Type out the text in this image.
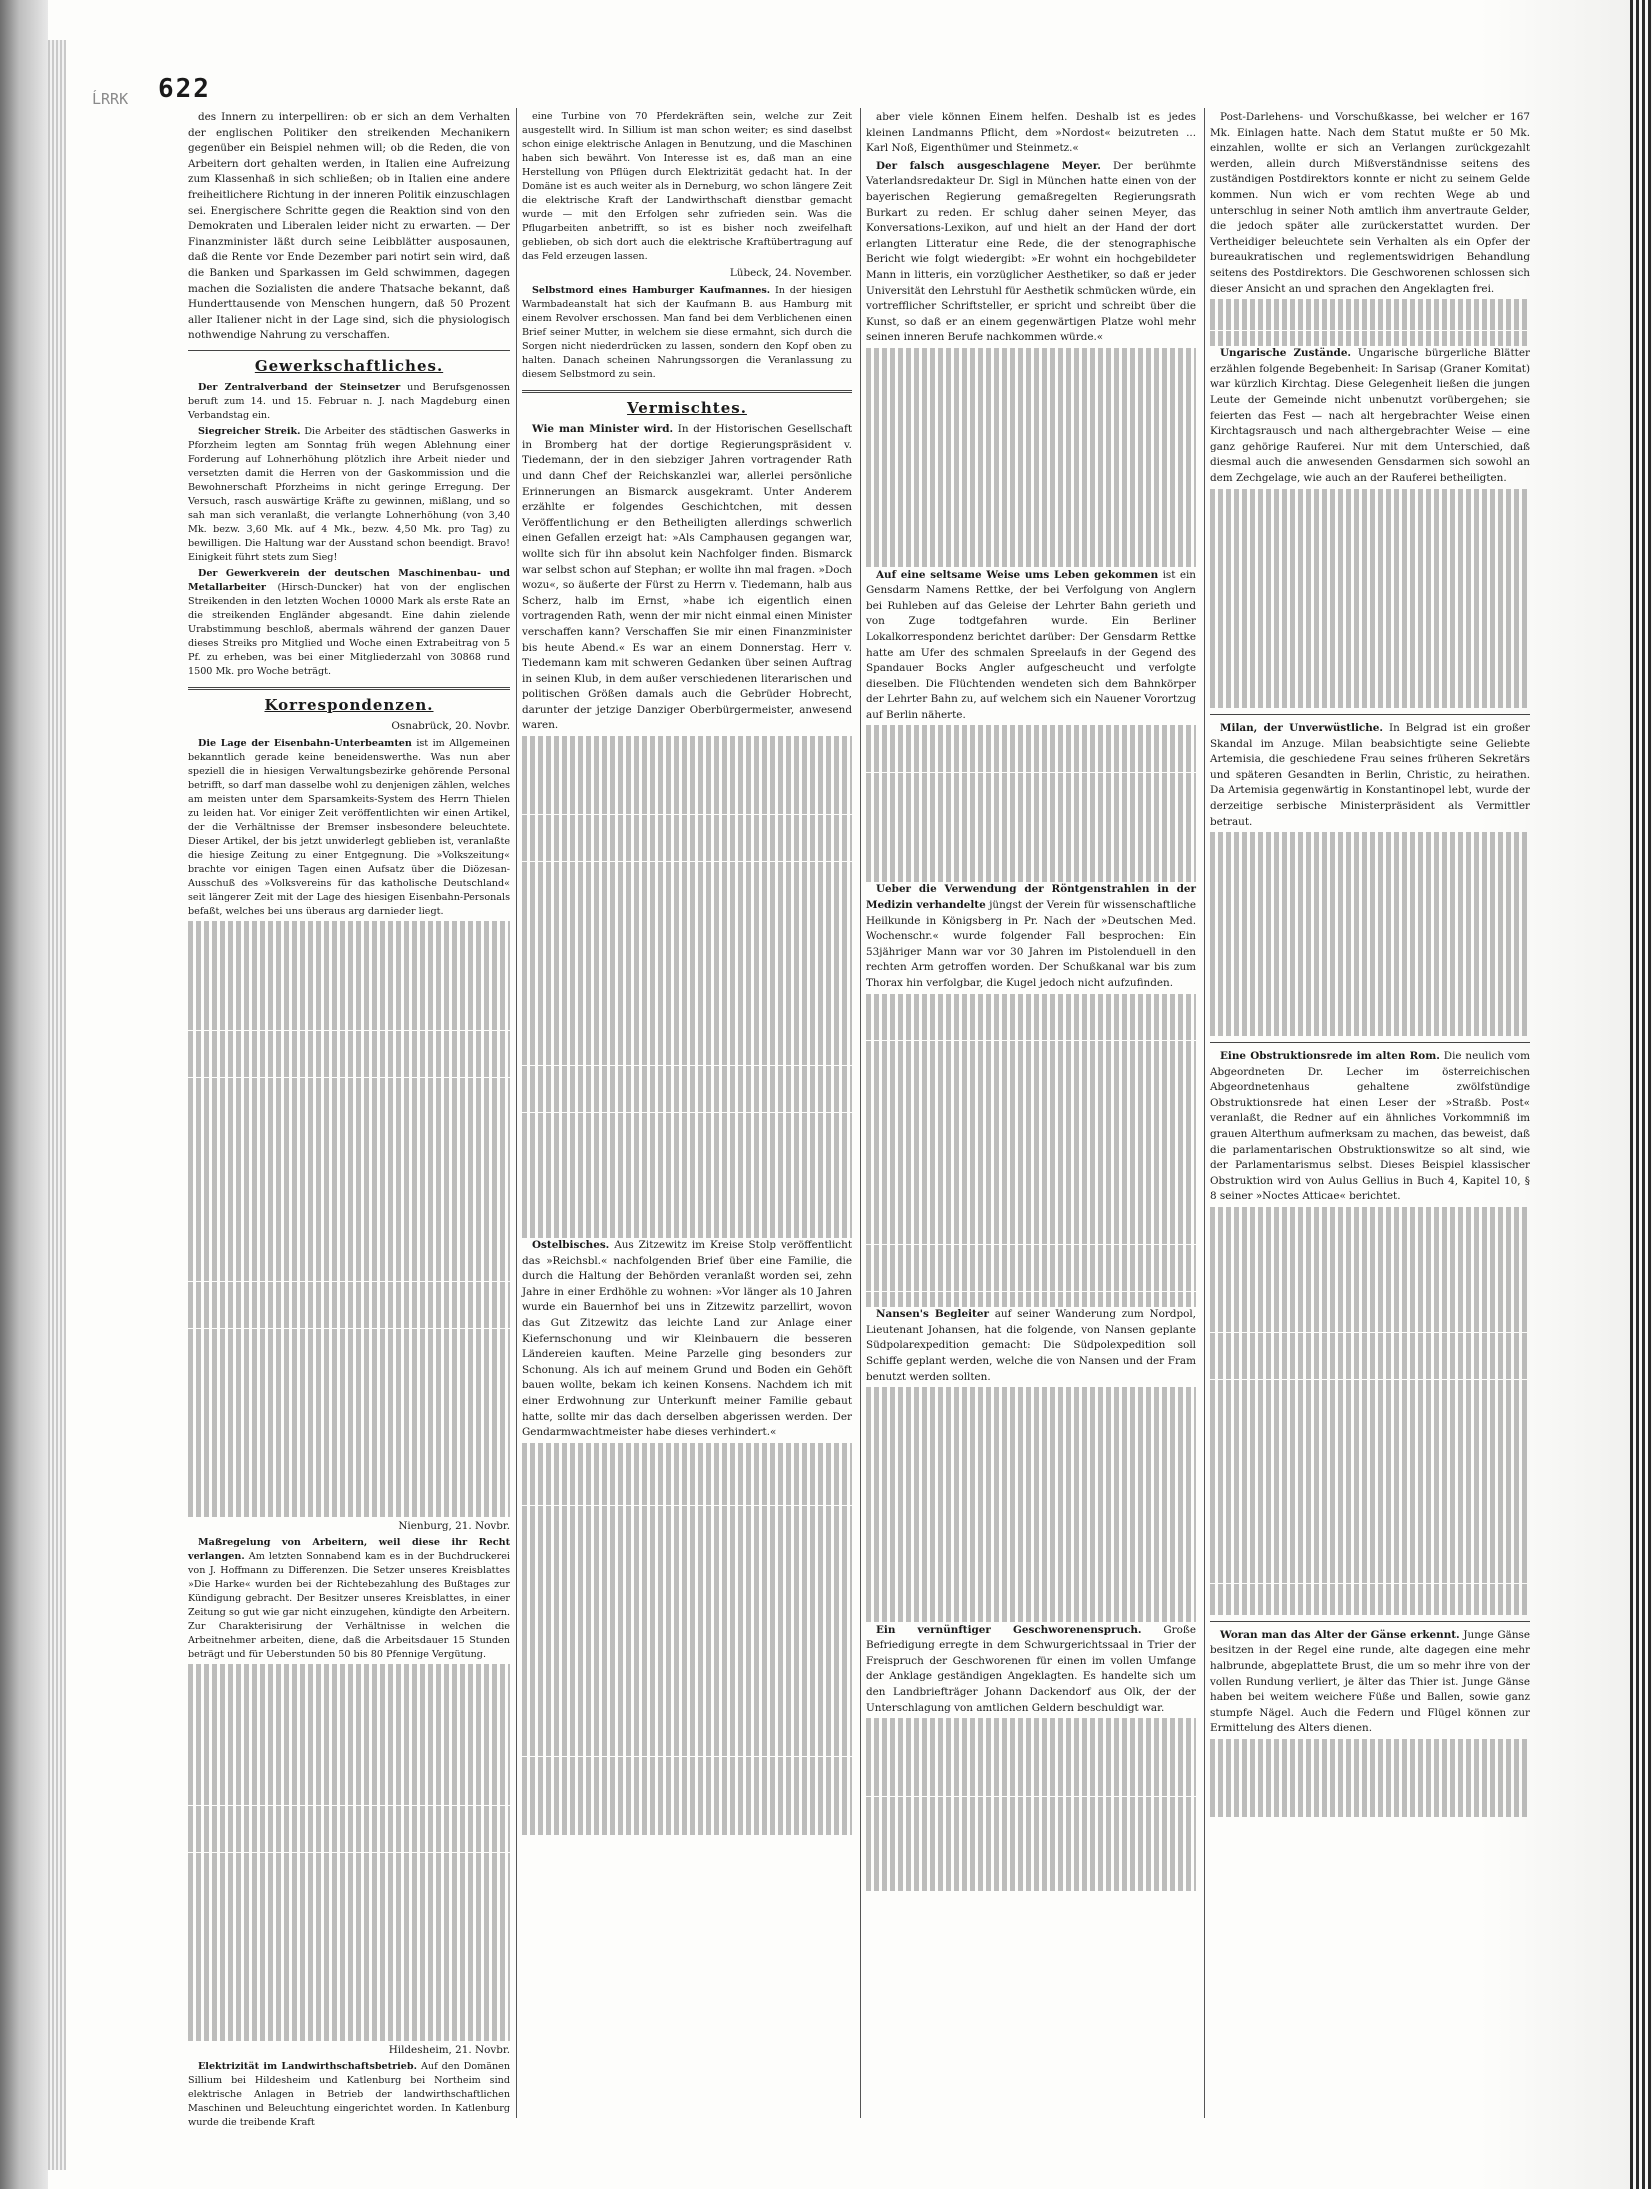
622
ĹRRK

des Innern zu interpelliren: ob er sich an dem Verhalten der englischen Politiker den streikenden Mechanikern gegenüber ein Beispiel nehmen will; ob die Reden, die von Arbeitern dort gehalten werden, in Italien eine Aufreizung zum Klassenhaß in sich schließen; ob in Italien eine andere freiheitlichere Richtung in der inneren Politik einzuschlagen sei. Energischere Schritte gegen die Reaktion sind von den Demokraten und Liberalen leider nicht zu erwarten. — Der Finanzminister läßt durch seine Leibblätter ausposaunen, daß die Rente vor Ende Dezember pari notirt sein wird, daß die Banken und Sparkassen im Geld schwimmen, dagegen machen die Sozialisten die andere Thatsache bekannt, daß Hunderttausende von Menschen hungern, daß 50 Prozent aller Italiener nicht in der Lage sind, sich die physiologisch nothwendige Nahrung zu verschaffen.

Gewerkschaftliches.

Der Zentralverband der Steinsetzer und Berufsgenossen beruft zum 14. und 15. Februar n. J. nach Magdeburg einen Verbandstag ein.

Siegreicher Streik. Die Arbeiter des städtischen Gaswerks in Pforzheim legten am Sonntag früh wegen Ablehnung einer Forderung auf Lohnerhöhung plötzlich ihre Arbeit nieder und versetzten damit die Herren von der Gaskommission und die Bewohnerschaft Pforzheims in nicht geringe Erregung. Der Versuch, rasch auswärtige Kräfte zu gewinnen, mißlang, und so sah man sich veranlaßt, die verlangte Lohnerhöhung (von 3,40 Mk. bezw. 3,60 Mk. auf 4 Mk., bezw. 4,50 Mk. pro Tag) zu bewilligen. Die Haltung war der Ausstand schon beendigt. Bravo! Einigkeit führt stets zum Sieg!

Der Gewerkverein der deutschen Maschinenbau- und Metallarbeiter (Hirsch-Duncker) hat von der englischen Streikenden in den letzten Wochen 10000 Mark als erste Rate an die streikenden Engländer abgesandt. Eine dahin zielende Urabstimmung beschloß, abermals während der ganzen Dauer dieses Streiks pro Mitglied und Woche einen Extrabeitrag von 5 Pf. zu erheben, was bei einer Mitgliederzahl von 30868 rund 1500 Mk. pro Woche beträgt.

Korrespondenzen.
Osnabrück, 20. Novbr.

Die Lage der Eisenbahn-Unterbeamten ist im Allgemeinen bekanntlich gerade keine beneidenswerthe. Was nun aber speziell die in hiesigen Verwaltungsbezirke gehörende Personal betrifft, so darf man dasselbe wohl zu denjenigen zählen, welches am meisten unter dem Sparsamkeits-System des Herrn Thielen zu leiden hat. Vor einiger Zeit veröffentlichten wir einen Artikel, der die Verhältnisse der Bremser insbesondere beleuchtete. Dieser Artikel, der bis jetzt unwiderlegt geblieben ist, veranlaßte die hiesige Zeitung zu einer Entgegnung. Die »Volkszeitung« brachte vor einigen Tagen einen Aufsatz über die Diözesan-Ausschuß des »Volksvereins für das katholische Deutschland« seit längerer Zeit mit der Lage des hiesigen Eisenbahn-Personals befaßt, welches bei uns überaus arg darnieder liegt.

Nienburg, 21. Novbr.

Maßregelung von Arbeitern, weil diese ihr Recht verlangen. Am letzten Sonnabend kam es in der Buchdruckerei von J. Hoffmann zu Differenzen. Die Setzer unseres Kreisblattes »Die Harke« wurden bei der Richtebezahlung des Bußtages zur Kündigung gebracht. Der Besitzer unseres Kreisblattes, in einer Zeitung so gut wie gar nicht einzugehen, kündigte den Arbeitern. Zur Charakterisirung der Verhältnisse in welchen die Arbeitnehmer arbeiten, diene, daß die Arbeitsdauer 15 Stunden beträgt und für Ueberstunden 50 bis 80 Pfennige Vergütung.

Hildesheim, 21. Novbr.

Elektrizität im Landwirthschaftsbetrieb. Auf den Domänen Sillium bei Hildesheim und Katlenburg bei Northeim sind elektrische Anlagen in Betrieb der landwirthschaftlichen Maschinen und Beleuchtung eingerichtet worden. In Katlenburg wurde die treibende Kraft

eine Turbine von 70 Pferdekräften sein, welche zur Zeit ausgestellt wird. In Sillium ist man schon weiter; es sind daselbst schon einige elektrische Anlagen in Benutzung, und die Maschinen haben sich bewährt. Von Interesse ist es, daß man an eine Herstellung von Pflügen durch Elektrizität gedacht hat. In der Domäne ist es auch weiter als in Derneburg, wo schon längere Zeit die elektrische Kraft der Landwirthschaft dienstbar gemacht wurde — mit den Erfolgen sehr zufrieden sein. Was die Pflugarbeiten anbetrifft, so ist es bisher noch zweifelhaft geblieben, ob sich dort auch die elektrische Kraftübertragung auf das Feld erzeugen lassen.

Lübeck, 24. November.

Selbstmord eines Hamburger Kaufmannes. In der hiesigen Warmbadeanstalt hat sich der Kaufmann B. aus Hamburg mit einem Revolver erschossen. Man fand bei dem Verblichenen einen Brief seiner Mutter, in welchem sie diese ermahnt, sich durch die Sorgen nicht niederdrücken zu lassen, sondern den Kopf oben zu halten. Danach scheinen Nahrungssorgen die Veranlassung zu diesem Selbstmord zu sein.

Vermischtes.

Wie man Minister wird. In der Historischen Gesellschaft in Bromberg hat der dortige Regierungspräsident v. Tiedemann, der in den siebziger Jahren vortragender Rath und dann Chef der Reichskanzlei war, allerlei persönliche Erinnerungen an Bismarck ausgekramt. Unter Anderem erzählte er folgendes Geschichtchen, mit dessen Veröffentlichung er den Betheiligten allerdings schwerlich einen Gefallen erzeigt hat: »Als Camphausen gegangen war, wollte sich für ihn absolut kein Nachfolger finden. Bismarck war selbst schon auf Stephan; er wollte ihn mal fragen. »Doch wozu«, so äußerte der Fürst zu Herrn v. Tiedemann, halb aus Scherz, halb im Ernst, »habe ich eigentlich einen vortragenden Rath, wenn der mir nicht einmal einen Minister verschaffen kann? Verschaffen Sie mir einen Finanzminister bis heute Abend.« Es war an einem Donnerstag. Herr v. Tiedemann kam mit schweren Gedanken über seinen Auftrag in seinen Klub, in dem außer verschiedenen literarischen und politischen Größen damals auch die Gebrüder Hobrecht, darunter der jetzige Danziger Oberbürgermeister, anwesend waren.

Ostelbisches. Aus Zitzewitz im Kreise Stolp veröffentlicht das »Reichsbl.« nachfolgenden Brief über eine Familie, die durch die Haltung der Behörden veranlaßt worden sei, zehn Jahre in einer Erdhöhle zu wohnen: »Vor länger als 10 Jahren wurde ein Bauernhof bei uns in Zitzewitz parzellirt, wovon das Gut Zitzewitz das leichte Land zur Anlage einer Kiefernschonung und wir Kleinbauern die besseren Ländereien kauften. Meine Parzelle ging besonders zur Schonung. Als ich auf meinem Grund und Boden ein Gehöft bauen wollte, bekam ich keinen Konsens. Nachdem ich mit einer Erdwohnung zur Unterkunft meiner Familie gebaut hatte, sollte mir das dach derselben abgerissen werden. Der Gendarmwachtmeister habe dieses verhindert.«

aber viele können Einem helfen. Deshalb ist es jedes kleinen Landmanns Pflicht, dem »Nordost« beizutreten ... Karl Noß, Eigenthümer und Steinmetz.«

Der falsch ausgeschlagene Meyer. Der berühmte Vaterlandsredakteur Dr. Sigl in München hatte einen von der bayerischen Regierung gemaßregelten Regierungsrath Burkart zu reden. Er schlug daher seinen Meyer, das Konversations-Lexikon, auf und hielt an der Hand der dort erlangten Litteratur eine Rede, die der stenographische Bericht wie folgt wiedergibt: »Er wohnt ein hochgebildeter Mann in litteris, ein vorzüglicher Aesthetiker, so daß er jeder Universität den Lehrstuhl für Aesthetik schmücken würde, ein vortrefflicher Schriftsteller, er spricht und schreibt über die Kunst, so daß er an einem gegenwärtigen Platze wohl mehr seinen inneren Berufe nachkommen würde.«

Auf eine seltsame Weise ums Leben gekommen ist ein Gensdarm Namens Rettke, der bei Verfolgung von Anglern bei Ruhleben auf das Geleise der Lehrter Bahn gerieth und von Zuge todtgefahren wurde. Ein Berliner Lokalkorrespondenz berichtet darüber: Der Gensdarm Rettke hatte am Ufer des schmalen Spreelaufs in der Gegend des Spandauer Bocks Angler aufgescheucht und verfolgte dieselben. Die Flüchtenden wendeten sich dem Bahnkörper der Lehrter Bahn zu, auf welchem sich ein Nauener Vorortzug auf Berlin näherte.

Ueber die Verwendung der Röntgenstrahlen in der Medizin verhandelte jüngst der Verein für wissenschaftliche Heilkunde in Königsberg in Pr. Nach der »Deutschen Med. Wochenschr.« wurde folgender Fall besprochen: Ein 53jähriger Mann war vor 30 Jahren im Pistolenduell in den rechten Arm getroffen worden. Der Schußkanal war bis zum Thorax hin verfolgbar, die Kugel jedoch nicht aufzufinden.

Nansen's Begleiter auf seiner Wanderung zum Nordpol, Lieutenant Johansen, hat die folgende, von Nansen geplante Südpolarexpedition gemacht: Die Südpolexpedition soll Schiffe geplant werden, welche die von Nansen und der Fram benutzt werden sollten.

Ein vernünftiger Geschworenenspruch. Große Befriedigung erregte in dem Schwurgerichtssaal in Trier der Freispruch der Geschworenen für einen im vollen Umfange der Anklage geständigen Angeklagten. Es handelte sich um den Landbriefträger Johann Dackendorf aus Olk, der der Unterschlagung von amtlichen Geldern beschuldigt war.

Post-Darlehens- und Vorschußkasse, bei welcher er 167 Mk. Einlagen hatte. Nach dem Statut mußte er 50 Mk. einzahlen, wollte er sich an Verlangen zurückgezahlt werden, allein durch Mißverständnisse seitens des zuständigen Postdirektors konnte er nicht zu seinem Gelde kommen. Nun wich er vom rechten Wege ab und unterschlug in seiner Noth amtlich ihm anvertraute Gelder, die jedoch später alle zurückerstattet wurden. Der Vertheidiger beleuchtete sein Verhalten als ein Opfer der bureaukratischen und reglementswidrigen Behandlung seitens des Postdirektors. Die Geschworenen schlossen sich dieser Ansicht an und sprachen den Angeklagten frei.

Ungarische Zustände. Ungarische bürgerliche Blätter erzählen folgende Begebenheit: In Sarisap (Graner Komitat) war kürzlich Kirchtag. Diese Gelegenheit ließen die jungen Leute der Gemeinde nicht unbenutzt vorübergehen; sie feierten das Fest — nach alt hergebrachter Weise einen Kirchtagsrausch und nach althergebrachter Weise — eine ganz gehörige Rauferei. Nur mit dem Unterschied, daß diesmal auch die anwesenden Gensdarmen sich sowohl an dem Zechgelage, wie auch an der Rauferei betheiligten.

Milan, der Unverwüstliche. In Belgrad ist ein großer Skandal im Anzuge. Milan beabsichtigte seine Geliebte Artemisia, die geschiedene Frau seines früheren Sekretärs und späteren Gesandten in Berlin, Christic, zu heirathen. Da Artemisia gegenwärtig in Konstantinopel lebt, wurde der derzeitige serbische Ministerpräsident als Vermittler betraut.

Eine Obstruktionsrede im alten Rom. Die neulich vom Abgeordneten Dr. Lecher im österreichischen Abgeordnetenhaus gehaltene zwölfstündige Obstruktionsrede hat einen Leser der »Straßb. Post« veranlaßt, die Redner auf ein ähnliches Vorkommniß im grauen Alterthum aufmerksam zu machen, das beweist, daß die parlamentarischen Obstruktionswitze so alt sind, wie der Parlamentarismus selbst. Dieses Beispiel klassischer Obstruktion wird von Aulus Gellius in Buch 4, Kapitel 10, § 8 seiner »Noctes Atticae« berichtet.

Woran man das Alter der Gänse erkennt. Junge Gänse besitzen in der Regel eine runde, alte dagegen eine mehr halbrunde, abgeplattete Brust, die um so mehr ihre von der vollen Rundung verliert, je älter das Thier ist. Junge Gänse haben bei weitem weichere Füße und Ballen, sowie ganz stumpfe Nägel. Auch die Federn und Flügel können zur Ermittelung des Alters dienen.
